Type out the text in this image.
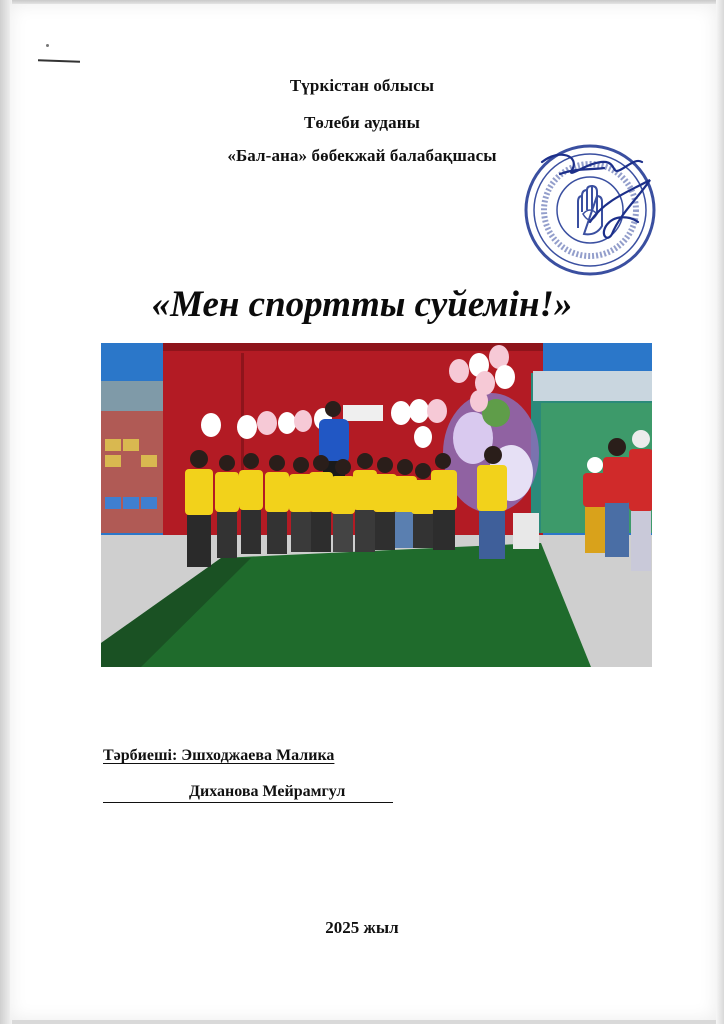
Түркістан облысы
Төлеби ауданы
«Бал-ана» бөбекжай балабақшасы
«Мен спортты суйемін!»
Тәрбиеші: Эшходжаева Малика
Диханова Мейрамгул
2025 жыл
